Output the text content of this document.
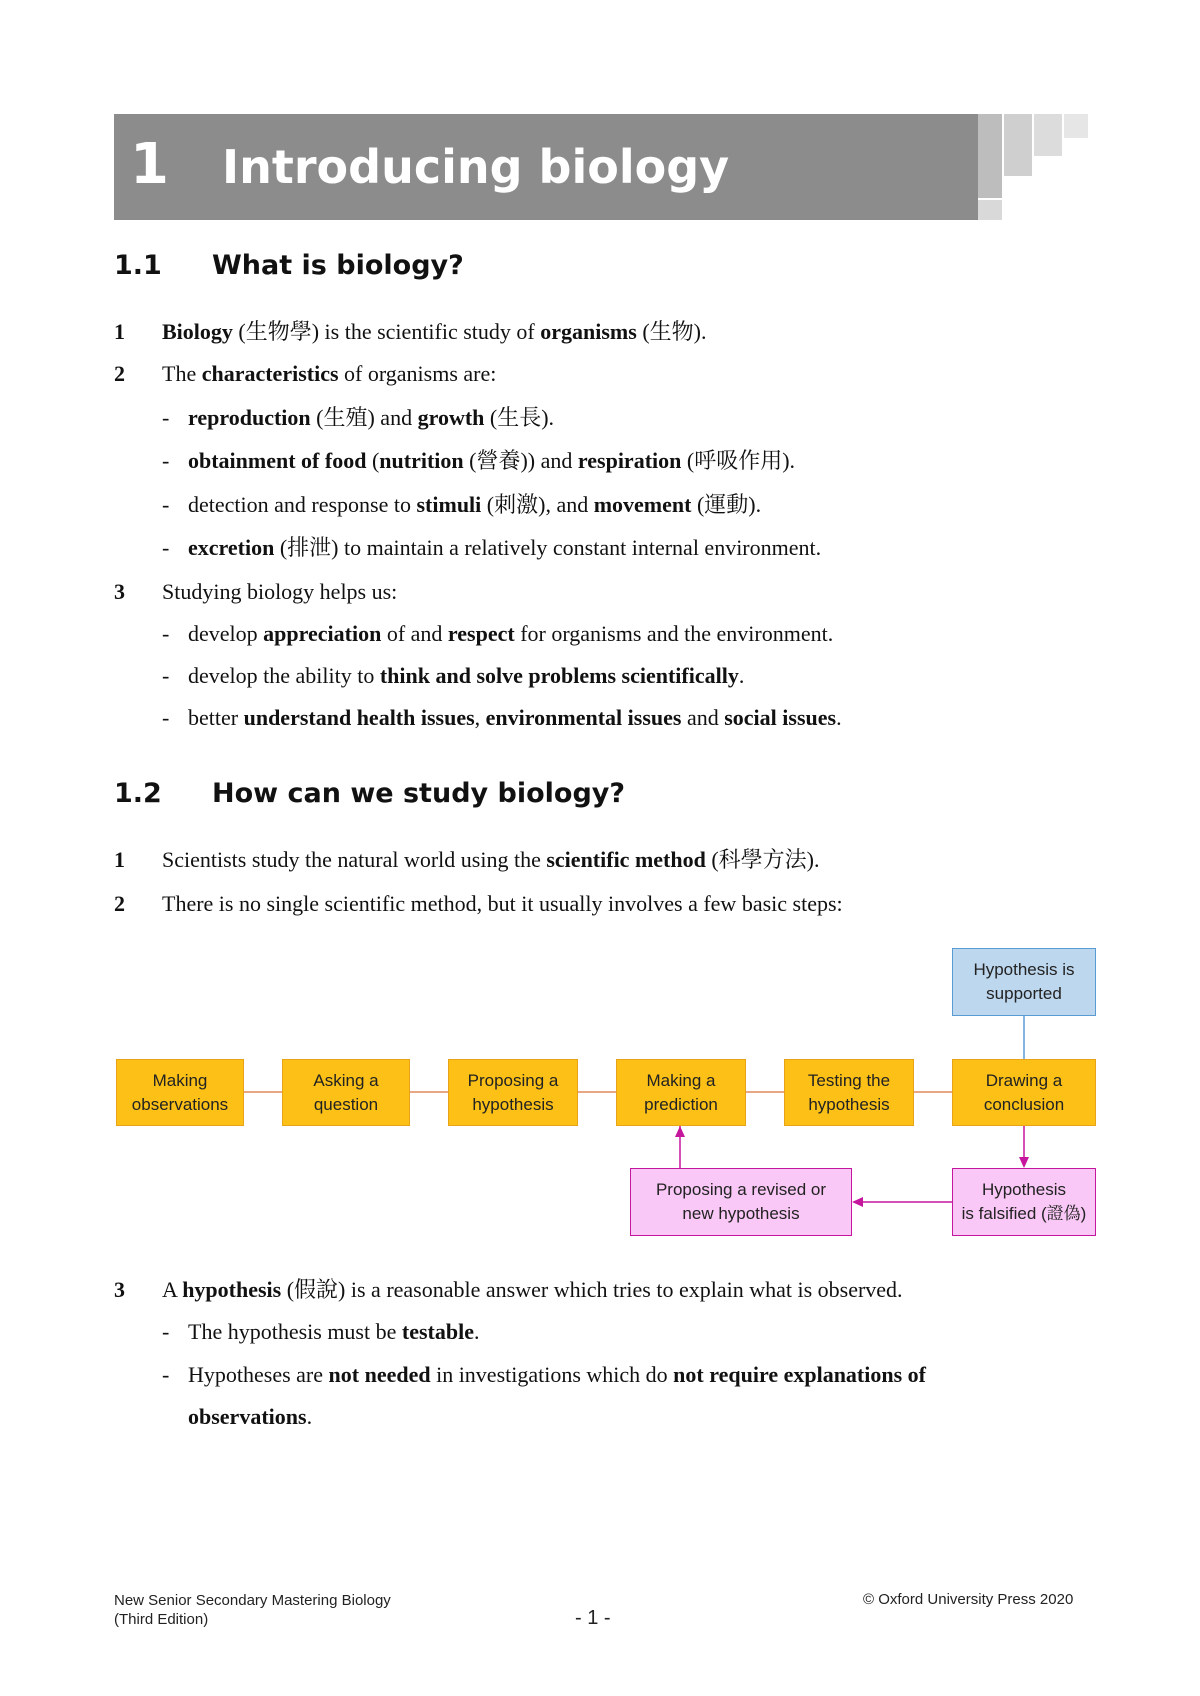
1 Introducing biology
1.1 What is biology?
1 Biology (生物學) is the scientific study of organisms (生物).
2 The characteristics of organisms are:
- reproduction (生殖) and growth (生長).
- obtainment of food (nutrition (營養)) and respiration (呼吸作用).
- detection and response to stimuli (刺激), and movement (運動).
- excretion (排泄) to maintain a relatively constant internal environment.
3 Studying biology helps us:
- develop appreciation of and respect for organisms and the environment.
- develop the ability to think and solve problems scientifically.
- better understand health issues, environmental issues and social issues.
1.2 How can we study biology?
1 Scientists study the natural world using the scientific method (科學方法).
2 There is no single scientific method, but it usually involves a few basic steps:
Hypothesis is
supported
Making
observations
Asking a
question
Proposing a
hypothesis
Making a
prediction
Testing the
hypothesis
Drawing a
conclusion
Proposing a revised or
new hypothesis
Hypothesis
is falsified (證偽)
3 A hypothesis (假說) is a reasonable answer which tries to explain what is observed.
- The hypothesis must be testable.
- Hypotheses are not needed in investigations which do not require explanations of
observations.
New Senior Secondary Mastering Biology
(Third Edition)	- 1 -
© Oxford University Press 2020
